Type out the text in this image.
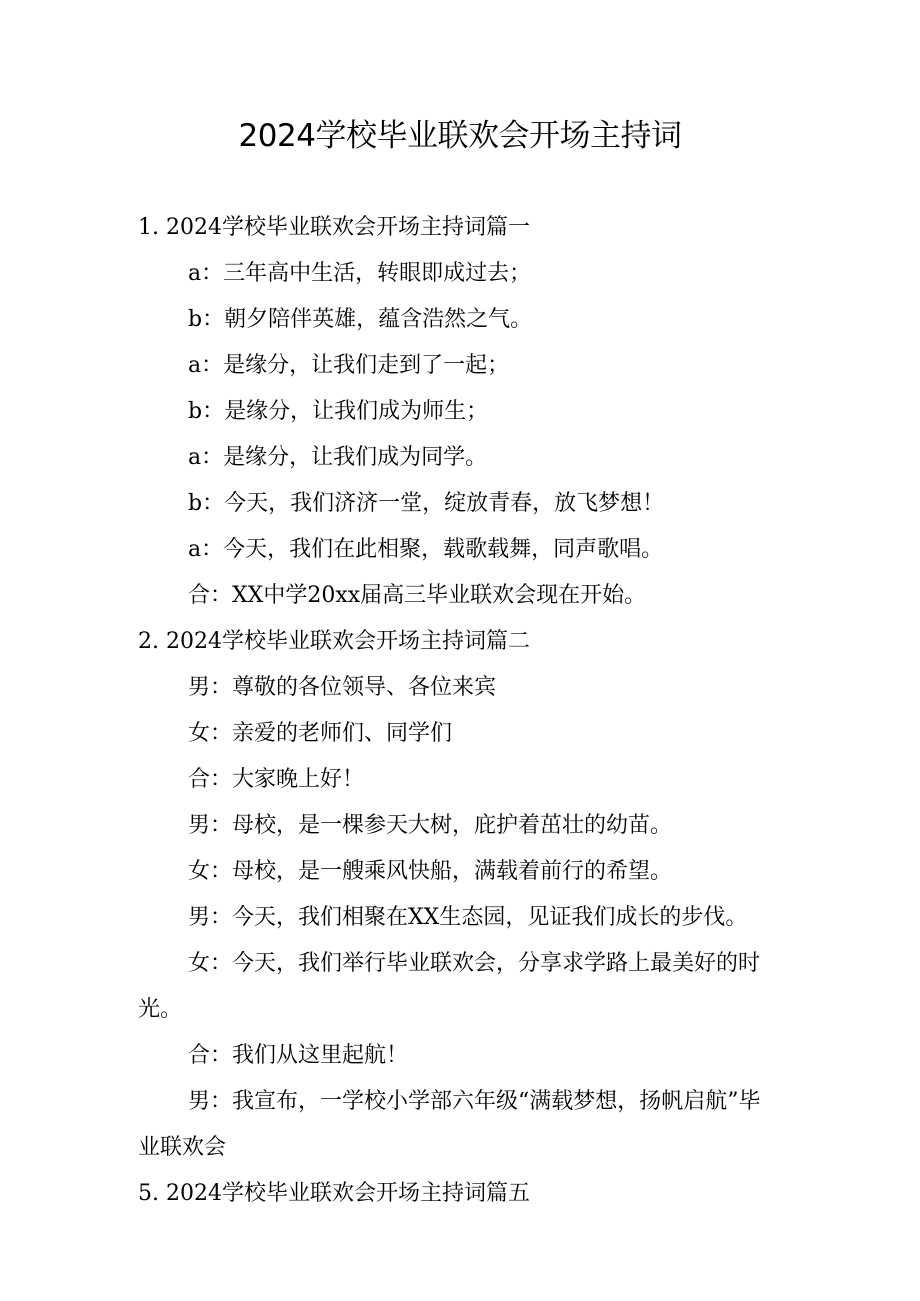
2024学校毕业联欢会开场主持词

1. 2024学校毕业联欢会开场主持词篇一

a：三年高中生活，转眼即成过去；

b：朝夕陪伴英雄，蕴含浩然之气。

a：是缘分，让我们走到了一起；

b：是缘分，让我们成为师生；

a：是缘分，让我们成为同学。

b：今天，我们济济一堂，绽放青春，放飞梦想！

a：今天，我们在此相聚，载歌载舞，同声歌唱。

合：XX中学20xx届高三毕业联欢会现在开始。

2. 2024学校毕业联欢会开场主持词篇二

男：尊敬的各位领导、各位来宾

女：亲爱的老师们、同学们

合：大家晚上好！

男：母校，是一棵参天大树，庇护着茁壮的幼苗。

女：母校，是一艘乘风快船，满载着前行的希望。

男：今天，我们相聚在XX生态园，见证我们成长的步伐。

女：今天，我们举行毕业联欢会，分享求学路上最美好的时光。

合：我们从这里起航！

男：我宣布，一学校小学部六年级“满载梦想，扬帆启航”毕业联欢会

5. 2024学校毕业联欢会开场主持词篇五
